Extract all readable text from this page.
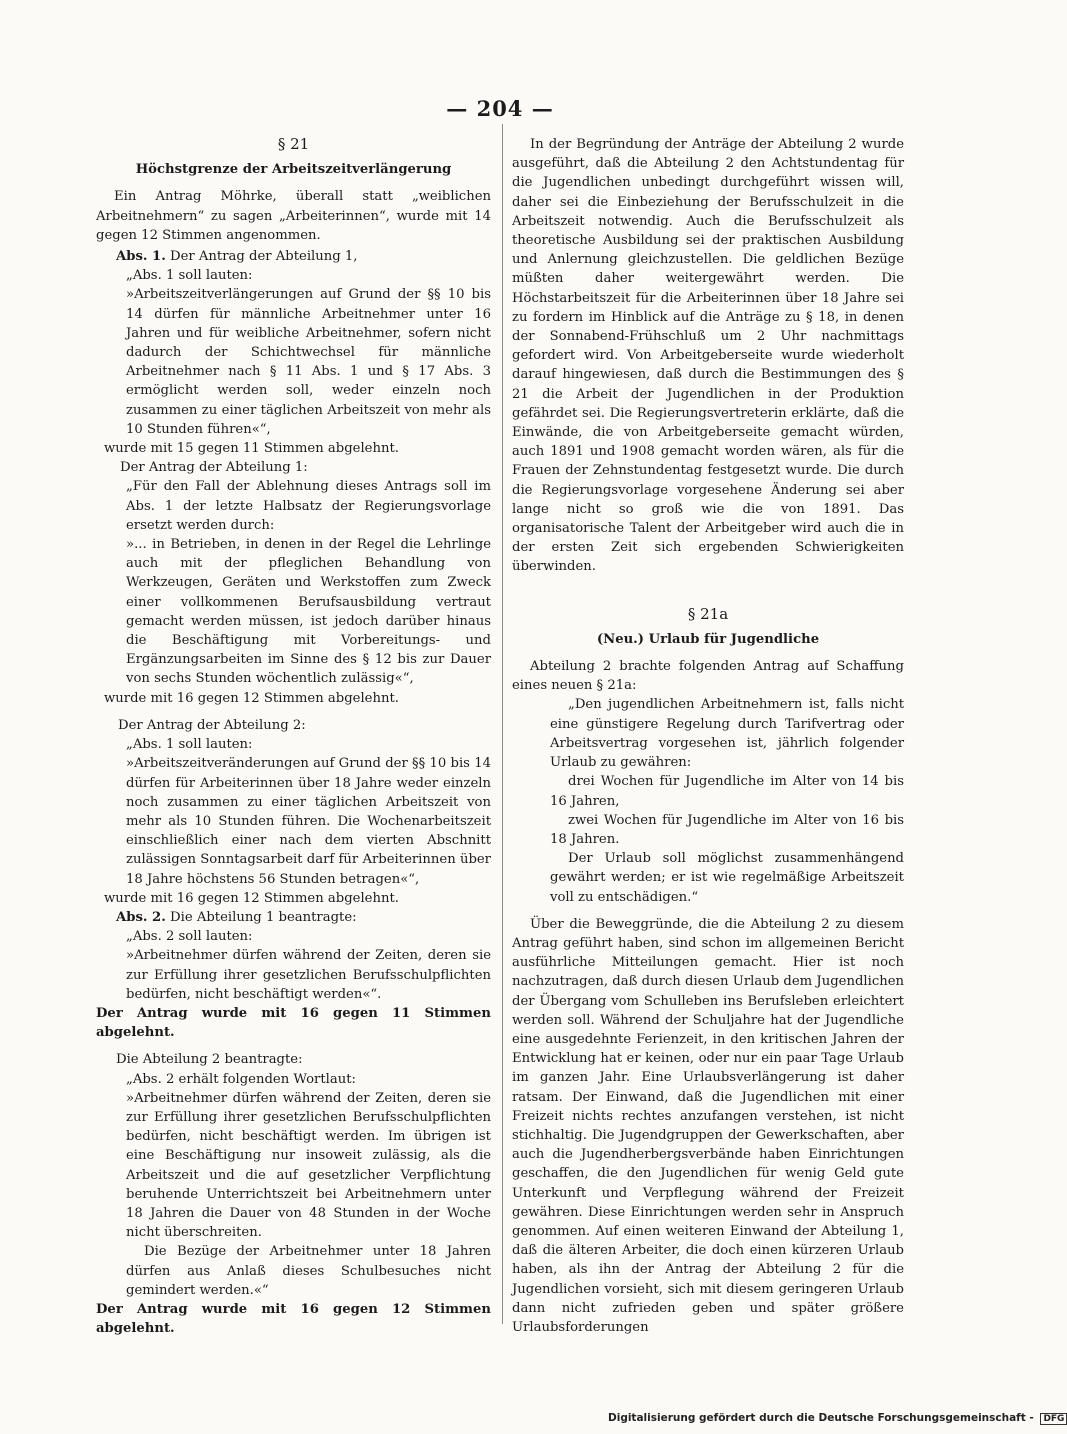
— 204 —

§ 21

Höchstgrenze der Arbeitszeitverlängerung

Ein Antrag Möhrke, überall statt „weiblichen Arbeitnehmern“ zu sagen „Arbeiterinnen“, wurde mit 14 gegen 12 Stimmen angenommen.

Abs. 1. Der Antrag der Abteilung 1,

„Abs. 1 soll lauten:

»Arbeitszeitverlängerungen auf Grund der §§ 10 bis 14 dürfen für männliche Arbeitnehmer unter 16 Jahren und für weibliche Arbeitnehmer, sofern nicht dadurch der Schichtwechsel für männliche Arbeitnehmer nach § 11 Abs. 1 und § 17 Abs. 3 ermöglicht werden soll, weder einzeln noch zusammen zu einer täglichen Arbeitszeit von mehr als 10 Stunden führen«“,

wurde mit 15 gegen 11 Stimmen abgelehnt.

Der Antrag der Abteilung 1:

„Für den Fall der Ablehnung dieses Antrags soll im Abs. 1 der letzte Halbsatz der Regierungsvorlage ersetzt werden durch:

»... in Betrieben, in denen in der Regel die Lehrlinge auch mit der pfleglichen Behandlung von Werkzeugen, Geräten und Werkstoffen zum Zweck einer vollkommenen Berufsausbildung vertraut gemacht werden müssen, ist jedoch darüber hinaus die Beschäftigung mit Vorbereitungs- und Ergänzungsarbeiten im Sinne des § 12 bis zur Dauer von sechs Stunden wöchentlich zulässig«“,

wurde mit 16 gegen 12 Stimmen abgelehnt.

Der Antrag der Abteilung 2:

„Abs. 1 soll lauten:

»Arbeitszeitveränderungen auf Grund der §§ 10 bis 14 dürfen für Arbeiterinnen über 18 Jahre weder einzeln noch zusammen zu einer täglichen Arbeitszeit von mehr als 10 Stunden führen. Die Wochenarbeitszeit einschließlich einer nach dem vierten Abschnitt zulässigen Sonntagsarbeit darf für Arbeiterinnen über 18 Jahre höchstens 56 Stunden betragen«“,

wurde mit 16 gegen 12 Stimmen abgelehnt.

Abs. 2. Die Abteilung 1 beantragte:

„Abs. 2 soll lauten:

»Arbeitnehmer dürfen während der Zeiten, deren sie zur Erfüllung ihrer gesetzlichen Berufsschulpflichten bedürfen, nicht beschäftigt werden«“.

Der Antrag wurde mit 16 gegen 11 Stimmen abgelehnt.

Die Abteilung 2 beantragte:

„Abs. 2 erhält folgenden Wortlaut:

»Arbeitnehmer dürfen während der Zeiten, deren sie zur Erfüllung ihrer gesetzlichen Berufsschulpflichten bedürfen, nicht beschäftigt werden. Im übrigen ist eine Beschäftigung nur insoweit zulässig, als die Arbeitszeit und die auf gesetzlicher Verpflichtung beruhende Unterrichtszeit bei Arbeitnehmern unter 18 Jahren die Dauer von 48 Stunden in der Woche nicht überschreiten.

Die Bezüge der Arbeitnehmer unter 18 Jahren dürfen aus Anlaß dieses Schulbesuches nicht gemindert werden.«“

Der Antrag wurde mit 16 gegen 12 Stimmen abgelehnt.

In der Begründung der Anträge der Abteilung 2 wurde ausgeführt, daß die Abteilung 2 den Achtstundentag für die Jugendlichen unbedingt durchgeführt wissen will, daher sei die Einbeziehung der Berufsschulzeit in die Arbeitszeit notwendig. Auch die Berufsschulzeit als theoretische Ausbildung sei der praktischen Ausbildung und Anlernung gleichzustellen. Die geldlichen Bezüge müßten daher weitergewährt werden. Die Höchstarbeitszeit für die Arbeiterinnen über 18 Jahre sei zu fordern im Hinblick auf die Anträge zu § 18, in denen der Sonnabend-Frühschluß um 2 Uhr nachmittags gefordert wird. Von Arbeitgeberseite wurde wiederholt darauf hingewiesen, daß durch die Bestimmungen des § 21 die Arbeit der Jugendlichen in der Produktion gefährdet sei. Die Regierungsvertreterin erklärte, daß die Einwände, die von Arbeitgeberseite gemacht würden, auch 1891 und 1908 gemacht worden wären, als für die Frauen der Zehnstundentag festgesetzt wurde. Die durch die Regierungsvorlage vorgesehene Änderung sei aber lange nicht so groß wie die von 1891. Das organisatorische Talent der Arbeitgeber wird auch die in der ersten Zeit sich ergebenden Schwierigkeiten überwinden.

§ 21a

(Neu.) Urlaub für Jugendliche

Abteilung 2 brachte folgenden Antrag auf Schaffung eines neuen § 21a:

„Den jugendlichen Arbeitnehmern ist, falls nicht eine günstigere Regelung durch Tarifvertrag oder Arbeitsvertrag vorgesehen ist, jährlich folgender Urlaub zu gewähren:

drei Wochen für Jugendliche im Alter von 14 bis 16 Jahren,

zwei Wochen für Jugendliche im Alter von 16 bis 18 Jahren.

Der Urlaub soll möglichst zusammenhängend gewährt werden; er ist wie regelmäßige Arbeitszeit voll zu entschädigen.“

Über die Beweggründe, die die Abteilung 2 zu diesem Antrag geführt haben, sind schon im allgemeinen Bericht ausführliche Mitteilungen gemacht. Hier ist noch nachzutragen, daß durch diesen Urlaub dem Jugendlichen der Übergang vom Schulleben ins Berufsleben erleichtert werden soll. Während der Schuljahre hat der Jugendliche eine ausgedehnte Ferienzeit, in den kritischen Jahren der Entwicklung hat er keinen, oder nur ein paar Tage Urlaub im ganzen Jahr. Eine Urlaubsverlängerung ist daher ratsam. Der Einwand, daß die Jugendlichen mit einer Freizeit nichts rechtes anzufangen verstehen, ist nicht stichhaltig. Die Jugendgruppen der Gewerkschaften, aber auch die Jugendherbergsverbände haben Einrichtungen geschaffen, die den Jugendlichen für wenig Geld gute Unterkunft und Verpflegung während der Freizeit gewähren. Diese Einrichtungen werden sehr in Anspruch genommen. Auf einen weiteren Einwand der Abteilung 1, daß die älteren Arbeiter, die doch einen kürzeren Urlaub haben, als ihn der Antrag der Abteilung 2 für die Jugendlichen vorsieht, sich mit diesem geringeren Urlaub dann nicht zufrieden geben und später größere Urlaubsforderungen

Digitalisierung gefördert durch die Deutsche Forschungsgemeinschaft - DFG
